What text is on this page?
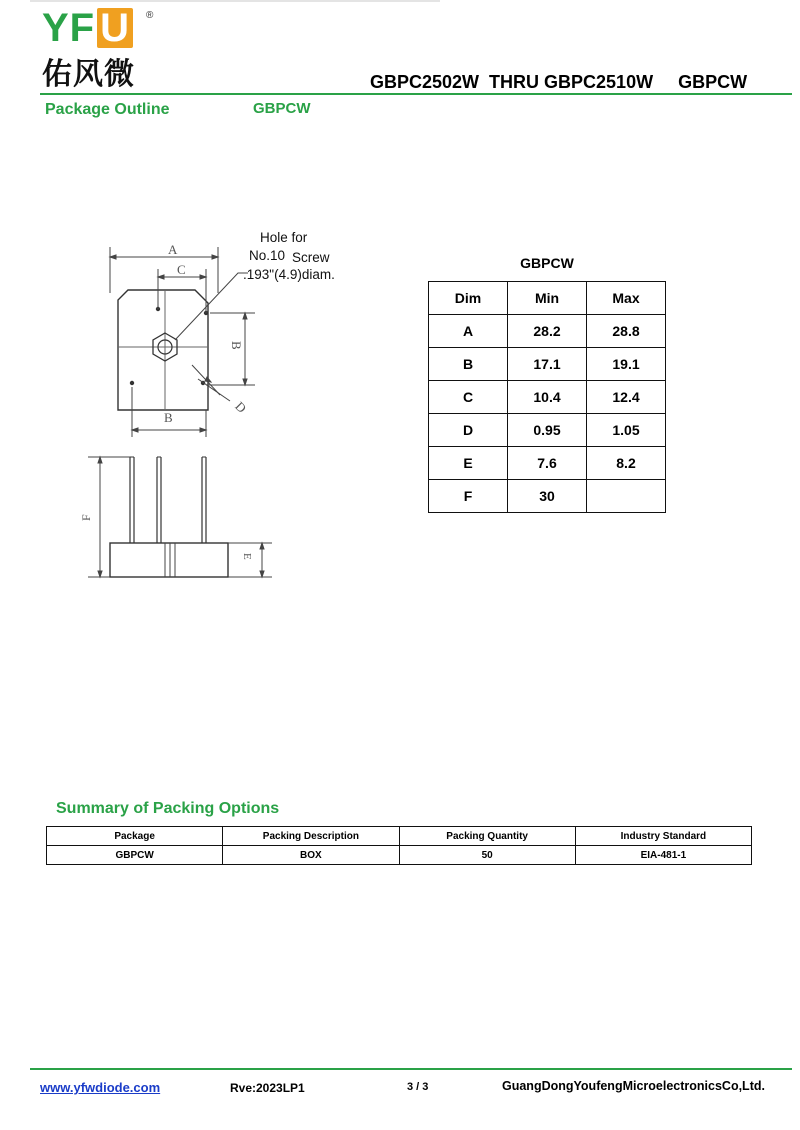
YF U	®
佑风微	GBPC2502W  THRU GBPC2510W     GBPCW
Package Outline	GBPCW
A
C
B
B
D
F
E
Hole for
No.10 Screw
.193"(4.9)diam.
GBPCW
Dim	Min	Max
A	28.2	28.8
B	17.1	19.1
C	10.4	12.4
D	0.95	1.05
E	7.6	8.2
F	30	
Summary of Packing Options
Package	Packing Description	Packing Quantity	Industry Standard
GBPCW	BOX	50	EIA-481-1
www.yfwdiode.com	Rve:2023LP1	3 / 3	GuangDongYoufengMicroelectronicsCo,Ltd.
